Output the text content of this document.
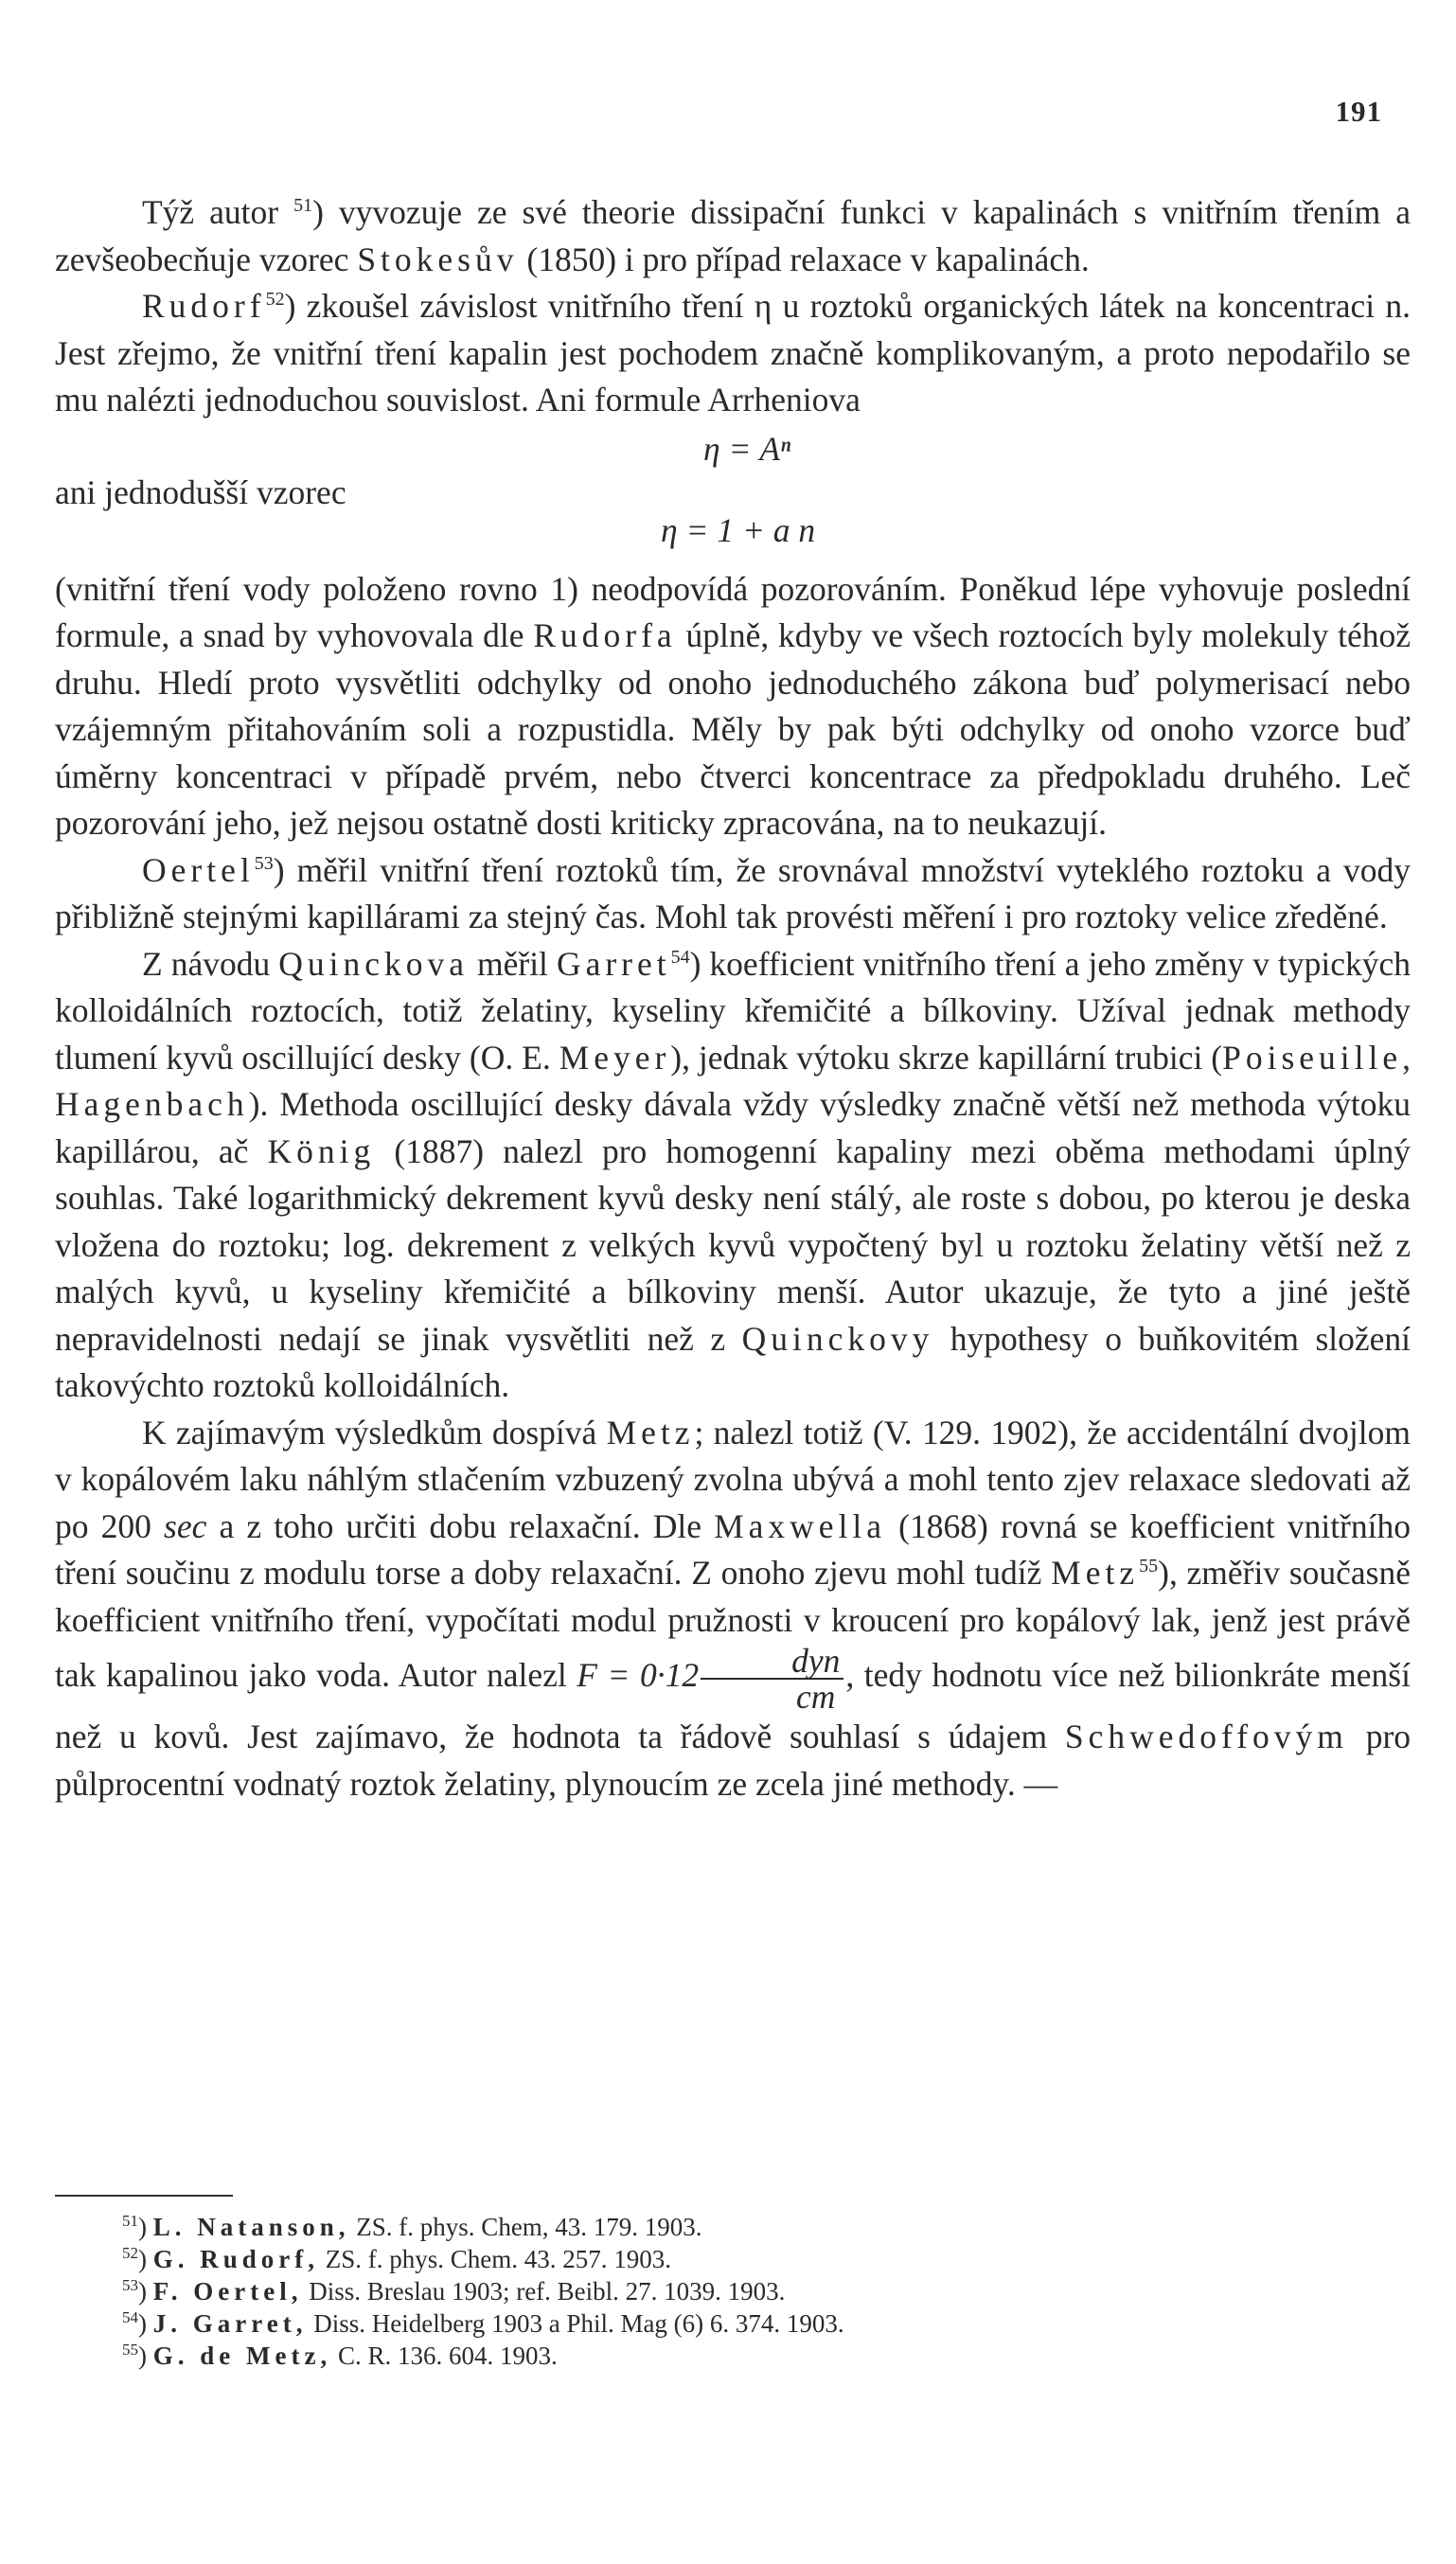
191

Týž autor $^{51}$) vyvozuje ze své theorie dissipační funkci v kapalinách s vnitřním třením a zevšeobecňuje vzorec Stokesův (1850) i pro případ relaxace v kapalinách.

Rudorf$^{52}$) zkoušel závislost vnitřního tření η u roztoků organických látek na koncentraci n. Jest zřejmo, že vnitřní tření kapalin jest pochodem značně komplikovaným, a proto nepodařilo se mu nalézti jednoduchou souvislost. Ani formule Arrheniova

η = Aⁿ
ani jednodušší vzorec
η = 1 + a n

(vnitřní tření vody položeno rovno 1) neodpovídá pozorováním. Poněkud lépe vyhovuje poslední formule, a snad by vyhovovala dle Rudorfa úplně, kdyby ve všech roztocích byly molekuly téhož druhu. Hledí proto vysvětliti odchylky od onoho jednoduchého zákona buď polymerisací nebo vzájemným přitahováním soli a rozpustidla. Měly by pak býti odchylky od onoho vzorce buď úměrny koncentraci v případě prvém, nebo čtverci koncentrace za předpokladu druhého. Leč pozorování jeho, jež nejsou ostatně dosti kriticky zpracována, na to neukazují.

Oertel$^{53}$) měřil vnitřní tření roztoků tím, že srovnával množství vyteklého roztoku a vody přibližně stejnými kapillárami za stejný čas. Mohl tak provésti měření i pro roztoky velice zředěné.

Z návodu Quinckova měřil Garret$^{54}$) koefficient vnitřního tření a jeho změny v typických kolloidálních roztocích, totiž želatiny, kyseliny křemičité a bílkoviny. Užíval jednak methody tlumení kyvů oscillující desky (O. E. Meyer), jednak výtoku skrze kapillární trubici (Poiseuille, Hagenbach). Methoda oscillující desky dávala vždy výsledky značně větší než methoda výtoku kapillárou, ač König (1887) nalezl pro homogenní kapaliny mezi oběma methodami úplný souhlas. Také logarithmický dekrement kyvů desky není stálý, ale roste s dobou, po kterou je deska vložena do roztoku; log. dekrement z velkých kyvů vypočtený byl u roztoku želatiny větší než z malých kyvů, u kyseliny křemičité a bílkoviny menší. Autor ukazuje, že tyto a jiné ještě nepravidelnosti nedají se jinak vysvětliti než z Quinckovy hypothesy o buňkovitém složení takovýchto roztoků kolloidálních.

K zajímavým výsledkům dospívá Metz; nalezl totiž (V. 129. 1902), že accidentální dvojlom v kopálovém laku náhlým stlačením vzbuzený zvolna ubývá a mohl tento zjev relaxace sledovati až po 200 sec a z toho určiti dobu relaxační. Dle Maxwella (1868) rovná se koefficient vnitřního tření součinu z modulu torse a doby relaxační. Z onoho zjevu mohl tudíž Metz$^{55}$), změřiv současně koefficient vnitřního tření, vypočítati modul pružnosti v kroucení pro kopálový lak, jenž jest právě tak kapalinou jako voda. Autor nalezl $F = 0\cdot 12 \frac{\text{dyn}}{cm}$ , tedy hodnotu více než bilionkráte menší než u kovů. Jest zajímavo, že hodnota ta řádově souhlasí s údajem Schwedoffovým pro půlprocentní vodnatý roztok želatiny, plynoucím ze zcela jiné methody. —

$^{51}$) L. Natanson, ZS. f. phys. Chem, 43. 179. 1903.
$^{52}$) G. Rudorf, ZS. f. phys. Chem. 43. 257. 1903.
$^{53}$) F. Oertel, Diss. Breslau 1903; ref. Beibl. 27. 1039. 1903.
$^{54}$) J. Garret, Diss. Heidelberg 1903 a Phil. Mag (6) 6. 374. 1903.
$^{55}$) G. de Metz, C. R. 136. 604. 1903.
